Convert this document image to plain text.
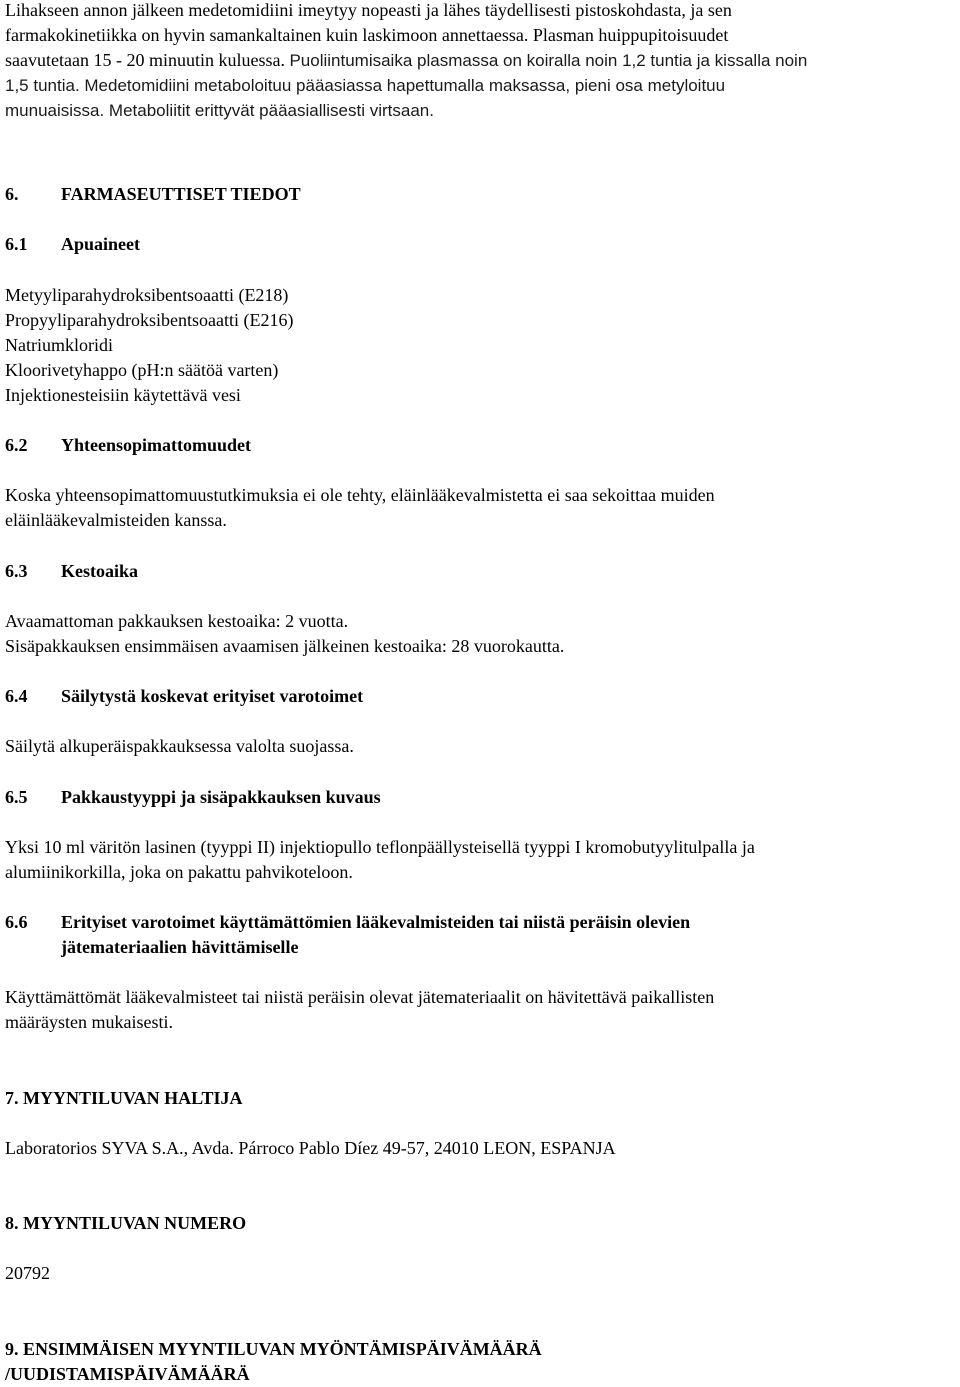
Lihakseen annon jälkeen medetomidiini imeytyy nopeasti ja lähes täydellisesti pistoskohdasta, ja sen
farmakokinetiikka on hyvin samankaltainen kuin laskimoon annettaessa. Plasman huippupitoisuudet
saavutetaan 15 - 20 minuutin kuluessa. Puoliintumisaika plasmassa on koiralla noin 1,2 tuntia ja kissalla noin
1,5 tuntia. Medetomidiini metaboloituu pääasiassa hapettumalla maksassa, pieni osa metyloituu
munuaisissa. Metaboliitit erittyvät pääasiallisesti virtsaan.
6. FARMASEUTTISET TIEDOT
6.1 Apuaineet
Metyyliparahydroksibentsoaatti (E218)
Propyyliparahydroksibentsoaatti (E216)
Natriumkloridi
Kloorivetyhappo (pH:n säätöä varten)
Injektionesteisiin käytettävä vesi
6.2 Yhteensopimattomuudet
Koska yhteensopimattomuustutkimuksia ei ole tehty, eläinlääkevalmistetta ei saa sekoittaa muiden
eläinlääkevalmisteiden kanssa.
6.3 Kestoaika
Avaamattoman pakkauksen kestoaika: 2 vuotta.
Sisäpakkauksen ensimmäisen avaamisen jälkeinen kestoaika: 28 vuorokautta.
6.4 Säilytystä koskevat erityiset varotoimet
Säilytä alkuperäispakkauksessa valolta suojassa.
6.5 Pakkaustyyppi ja sisäpakkauksen kuvaus
Yksi 10 ml väritön lasinen (tyyppi II) injektiopullo teflonpäällysteisellä tyyppi I kromobutyylitulpalla ja
alumiinikorkilla, joka on pakattu pahvikoteloon.
6.6 Erityiset varotoimet käyttämättömien lääkevalmisteiden tai niistä peräisin olevien
jätemateriaalien hävittämiselle
Käyttämättömät lääkevalmisteet tai niistä peräisin olevat jätemateriaalit on hävitettävä paikallisten
määräysten mukaisesti.
7. MYYNTILUVAN HALTIJA
Laboratorios SYVA S.A., Avda. Párroco Pablo Díez 49-57, 24010 LEON, ESPANJA
8. MYYNTILUVAN NUMERO
20792
9. ENSIMMÄISEN MYYNTILUVAN MYÖNTÄMISPÄIVÄMÄÄRÄ
/UUDISTAMISPÄIVÄMÄÄRÄ
